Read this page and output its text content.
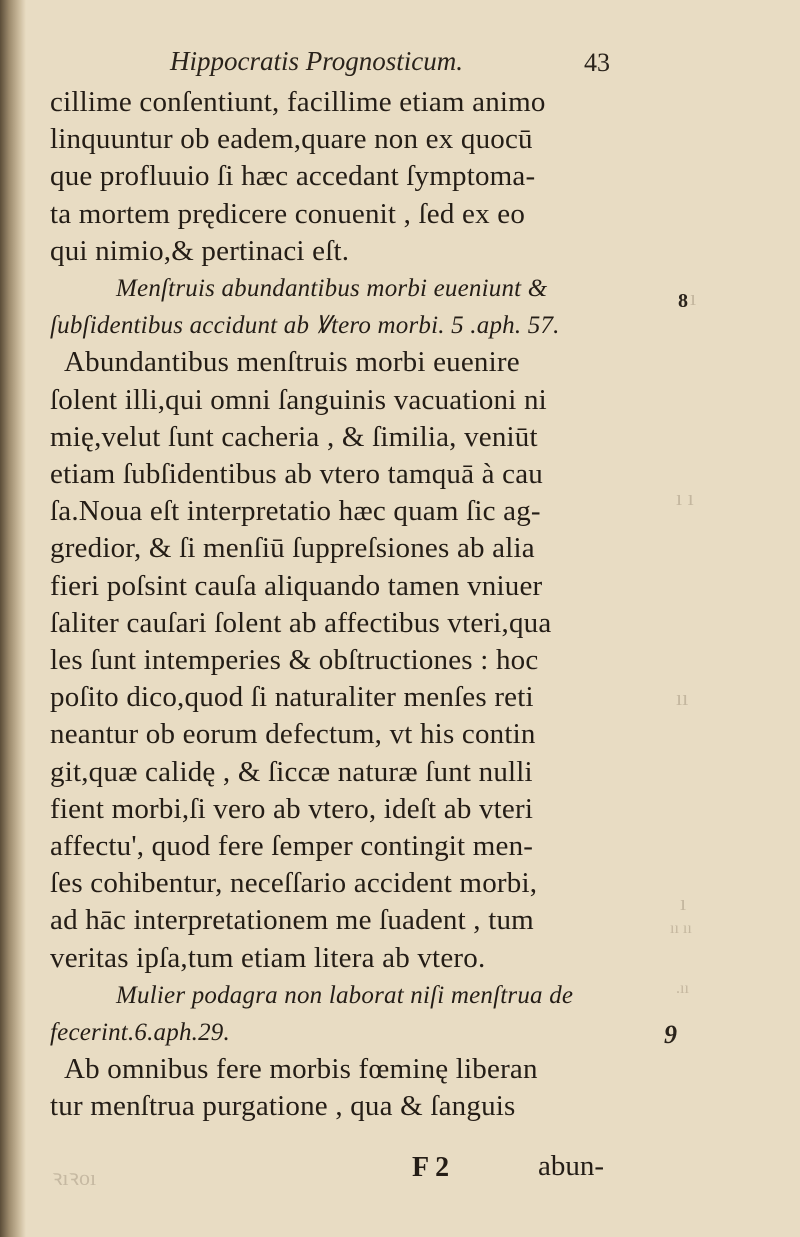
ı
ı ı
ıı
ı
ıı ıı
.ıı
Hippocratis Prognosticum.	43
cillime conſentiunt, facillime etiam animo
linquuntur ob eadem,quare non ex quocū
que profluuio ſi hæc accedant ſymptoma-
ta mortem prędicere conuenit , ſed ex eo
qui nimio,& pertinaci eſt.
Menſtruis abundantibus morbi eueniunt &
ſubſidentibus accidunt ab Ꝟtero morbi. 5 .aph. 57.
Abundantibus menſtruis morbi euenire
ſolent illi,qui omni ſanguinis vacuationi ni
mię,velut ſunt cacheria , & ſimilia, veniūt
etiam ſubſidentibus ab vtero tamquā à cau
ſa.Noua eſt interpretatio hæc quam ſic ag-
gredior, & ſi menſiū ſuppreſsiones ab alia
fieri poſsint cauſa aliquando tamen vniuer
ſaliter cauſari ſolent ab affectibus vteri,qua
les ſunt intemperies & obſtructiones : hoc
poſito dico,quod ſi naturaliter menſes reti
neantur ob eorum defectum, vt his contin
git,quæ calidę , & ſiccæ naturæ ſunt nulli
fient morbi,ſi vero ab vtero, ideſt ab vteri
affectu', quod fere ſemper contingit men-
ſes cohibentur, neceſſario accident morbi,
ad hāc interpretationem me ſuadent , tum
veritas ipſa,tum etiam litera ab vtero.
Mulier podagra non laborat niſi menſtrua de
fecerint.6.aph.29.
Ab omnibus fere morbis fœminę liberan
tur menſtrua purgatione , qua & ſanguis
8
9
ꝛıꝛoı	F 2	abun-
